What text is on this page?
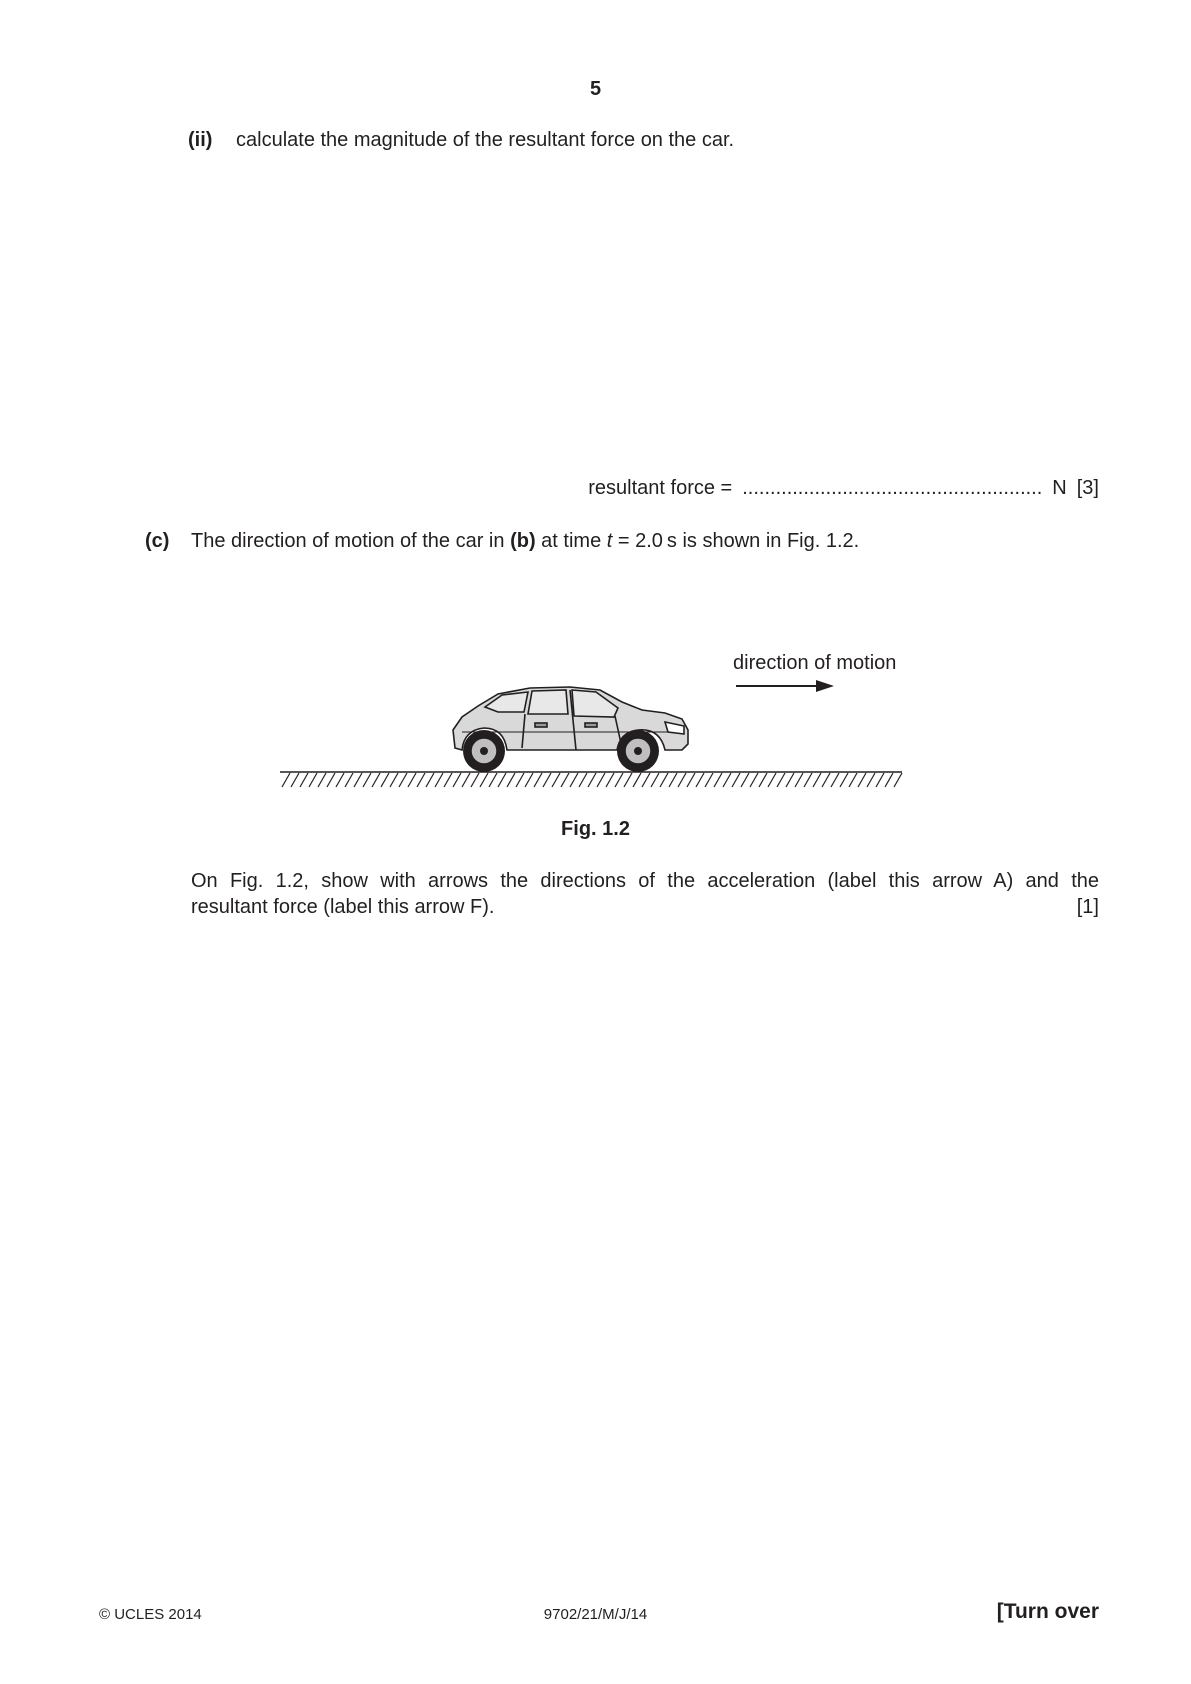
5
(ii) calculate the magnitude of the resultant force on the car.
resultant force = ...................................................... N [3]
(c) The direction of motion of the car in (b) at time t = 2.0 s is shown in Fig. 1.2.
direction of motion
Fig. 1.2
On Fig. 1.2, show with arrows the directions of the acceleration (label this arrow A) and the
resultant force (label this arrow F).	[1]
© UCLES 2014	9702/21/M/J/14	[Turn over
